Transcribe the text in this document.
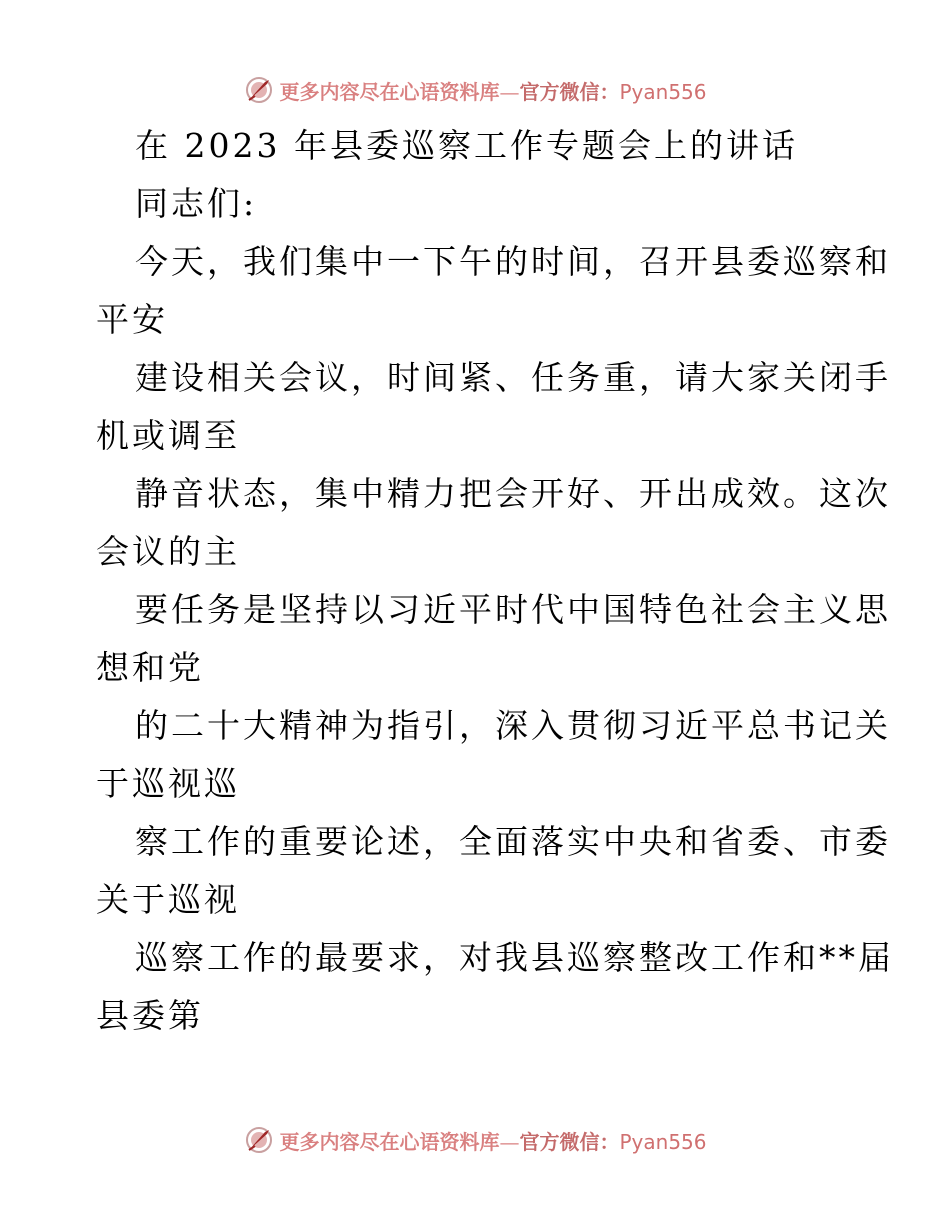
更多内容尽在心语资料库—官方微信：Pyan556
在 2023 年县委巡察工作专题会上的讲话
同志们:
今天，我们集中一下午的时间，召开县委巡察和
平安
建设相关会议，时间紧、任务重，请大家关闭手
机或调至
静音状态，集中精力把会开好、开出成效。这次
会议的主
要任务是坚持以习近平时代中国特色社会主义思
想和党
的二十大精神为指引，深入贯彻习近平总书记关
于巡视巡
察工作的重要论述，全面落实中央和省委、市委
关于巡视
巡察工作的最要求，对我县巡察整改工作和**届
县委第
更多内容尽在心语资料库—官方微信：Pyan556
